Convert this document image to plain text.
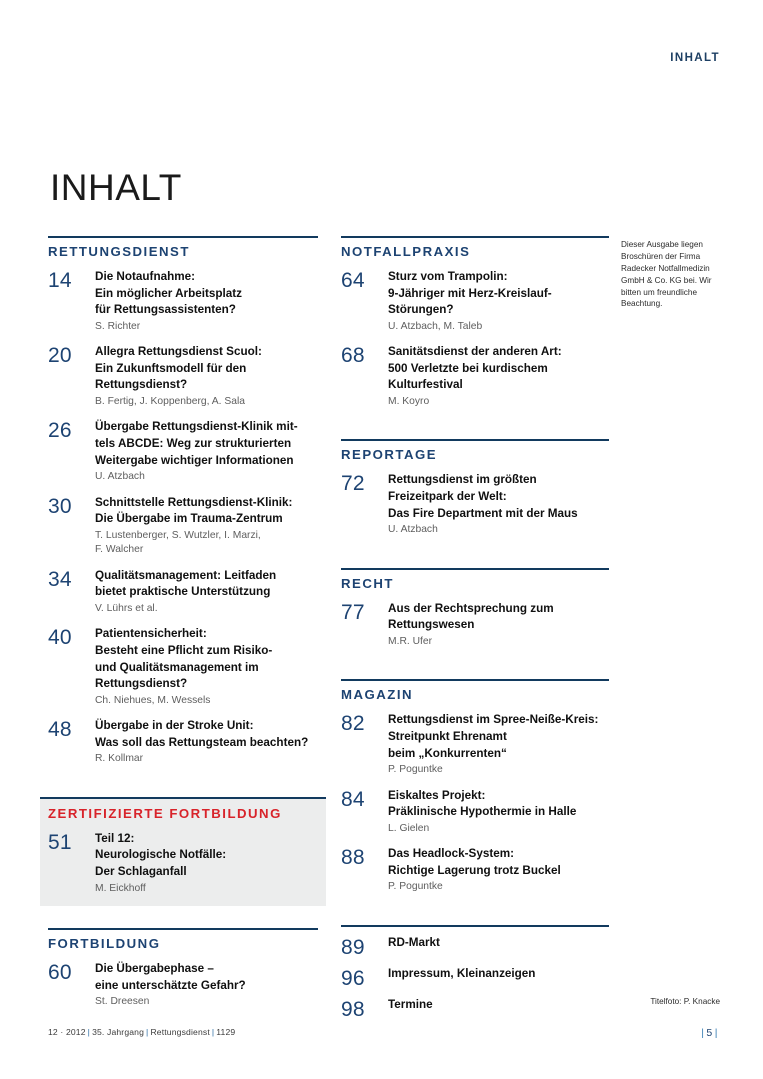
INHALT
INHALT
Dieser Ausgabe liegen Broschüren der Firma Radecker Notfallmedizin GmbH & Co. KG bei. Wir bitten um freundliche Beachtung.
RETTUNGSDIENST
14	Die Notaufnahme:
Ein möglicher Arbeitsplatz
für Rettungsassistenten?
S. Richter
20	Allegra Rettungsdienst Scuol:
Ein Zukunftsmodell für den
Rettungsdienst?
B. Fertig, J. Koppenberg, A. Sala
26	Übergabe Rettungsdienst-Klinik mit-
tels ABCDE: Weg zur strukturierten
Weitergabe wichtiger Informationen
U. Atzbach
30	Schnittstelle Rettungsdienst-Klinik:
Die Übergabe im Trauma-Zentrum
T. Lustenberger, S. Wutzler, I. Marzi,
F. Walcher
34	Qualitätsmanagement: Leitfaden
bietet praktische Unterstützung
V. Lührs et al.
40	Patientensicherheit:
Besteht eine Pflicht zum Risiko-
und Qualitätsmanagement im
Rettungsdienst?
Ch. Niehues, M. Wessels
48	Übergabe in der Stroke Unit:
Was soll das Rettungsteam beachten?
R. Kollmar
ZERTIFIZIERTE FORTBILDUNG
51	Teil 12:
Neurologische Notfälle:
Der Schlaganfall
M. Eickhoff
FORTBILDUNG
60	Die Übergabephase –
eine unterschätzte Gefahr?
St. Dreesen
NOTFALLPRAXIS
64	Sturz vom Trampolin:
9-Jähriger mit Herz-Kreislauf-Störungen?
U. Atzbach, M. Taleb
68	Sanitätsdienst der anderen Art:
500 Verletzte bei kurdischem
Kulturfestival
M. Koyro
REPORTAGE
72	Rettungsdienst im größten
Freizeitpark der Welt:
Das Fire Department mit der Maus
U. Atzbach
RECHT
77	Aus der Rechtsprechung zum
Rettungswesen
M.R. Ufer
MAGAZIN
82	Rettungsdienst im Spree-Neiße-Kreis:
Streitpunkt Ehrenamt
beim „Konkurrenten“
P. Poguntke
84	Eiskaltes Projekt:
Präklinische Hypothermie in Halle
L. Gielen
88	Das Headlock-System:
Richtige Lagerung trotz Buckel
P. Poguntke
89	RD-Markt
96	Impressum, Kleinanzeigen
98	Termine
12 · 2012 | 35. Jahrgang | Rettungsdienst | 1129
Titelfoto: P. Knacke
| 5 |
